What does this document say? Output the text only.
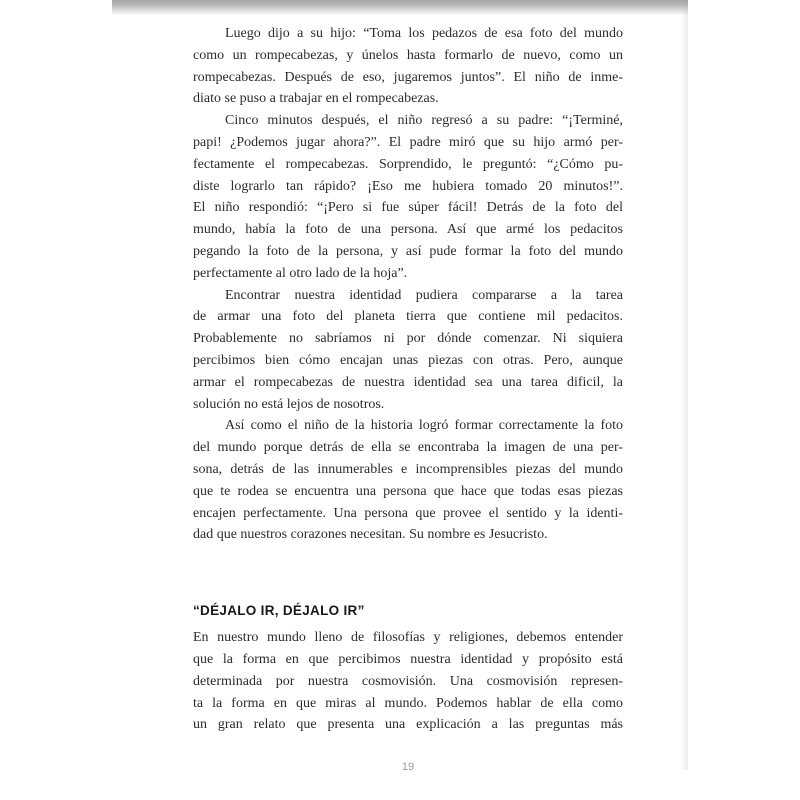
Luego dijo a su hijo: “Toma los pedazos de esa foto del mundo
como un rompecabezas, y únelos hasta formarlo de nuevo, como un
rompecabezas. Después de eso, jugaremos juntos”. El niño de inme-
diato se puso a trabajar en el rompecabezas.
Cinco minutos después, el niño regresó a su padre: “¡Terminé,
papi! ¿Podemos jugar ahora?”. El padre miró que su hijo armó per-
fectamente el rompecabezas. Sorprendido, le preguntó: “¿Cómo pu-
diste lograrlo tan rápido? ¡Eso me hubiera tomado 20 minutos!”.
El niño respondió: “¡Pero si fue súper fácil! Detrás de la foto del
mundo, había la foto de una persona. Así que armé los pedacitos
pegando la foto de la persona, y así pude formar la foto del mundo
perfectamente al otro lado de la hoja”.
Encontrar nuestra identidad pudiera compararse a la tarea
de armar una foto del planeta tierra que contiene mil pedacitos.
Probablemente no sabríamos ni por dónde comenzar. Ni siquiera
percibimos bien cómo encajan unas piezas con otras. Pero, aunque
armar el rompecabezas de nuestra identidad sea una tarea dificil, la
solución no está lejos de nosotros.
Así como el niño de la historia logró formar correctamente la foto
del mundo porque detrás de ella se encontraba la imagen de una per-
sona, detrás de las innumerables e incomprensibles piezas del mundo
que te rodea se encuentra una persona que hace que todas esas piezas
encajen perfectamente. Una persona que provee el sentido y la identi-
dad que nuestros corazones necesitan. Su nombre es Jesucristo.
“DÉJALO IR, DÉJALO IR”
En nuestro mundo lleno de filosofías y religiones, debemos entender
que la forma en que percibimos nuestra identidad y propósito está
determinada por nuestra cosmovisión. Una cosmovisión represen-
ta la forma en que miras al mundo. Podemos hablar de ella como
un gran relato que presenta una explicación a las preguntas más
19
